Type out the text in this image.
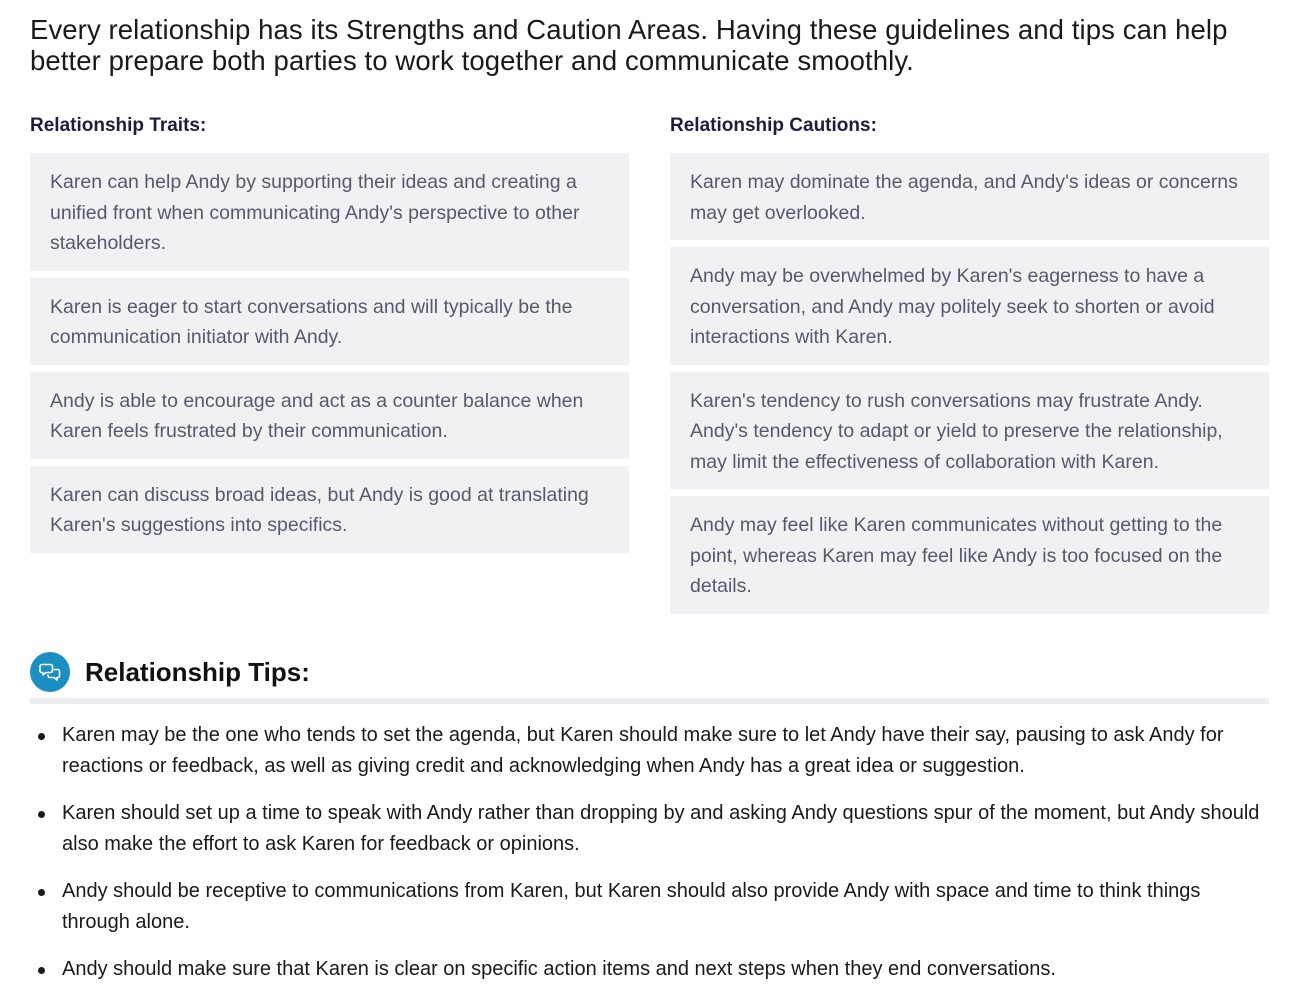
Every relationship has its Strengths and Caution Areas. Having these guidelines and tips can help better prepare both parties to work together and communicate smoothly.

Relationship Traits:
Karen can help Andy by supporting their ideas and creating a unified front when communicating Andy's perspective to other stakeholders.
Karen is eager to start conversations and will typically be the communication initiator with Andy.
Andy is able to encourage and act as a counter balance when Karen feels frustrated by their communication.
Karen can discuss broad ideas, but Andy is good at translating Karen's suggestions into specifics.
Relationship Cautions:
Karen may dominate the agenda, and Andy's ideas or concerns may get overlooked.
Andy may be overwhelmed by Karen's eagerness to have a conversation, and Andy may politely seek to shorten or avoid interactions with Karen.
Karen's tendency to rush conversations may frustrate Andy. Andy's tendency to adapt or yield to preserve the relationship, may limit the effectiveness of collaboration with Karen.
Andy may feel like Karen communicates without getting to the point, whereas Karen may feel like Andy is too focused on the details.
Relationship Tips:
Karen may be the one who tends to set the agenda, but Karen should make sure to let Andy have their say, pausing to ask Andy for reactions or feedback, as well as giving credit and acknowledging when Andy has a great idea or suggestion.
Karen should set up a time to speak with Andy rather than dropping by and asking Andy questions spur of the moment, but Andy should also make the effort to ask Karen for feedback or opinions.
Andy should be receptive to communications from Karen, but Karen should also provide Andy with space and time to think things through alone.
Andy should make sure that Karen is clear on specific action items and next steps when they end conversations.
